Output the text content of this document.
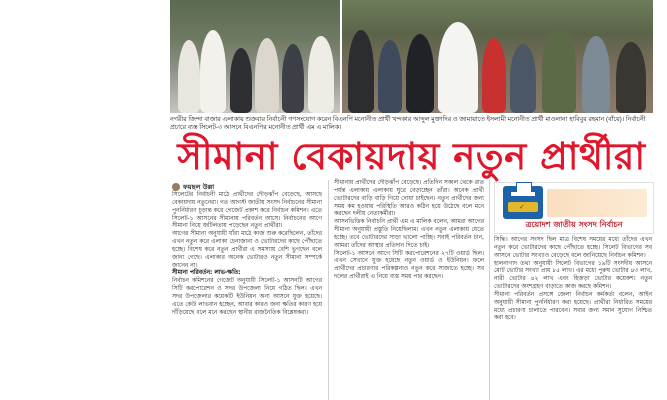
নগরীর জিন্দা বাজার এলাকায় শুক্রবার নির্বাচনী গণসংযোগ করেন বিএনপি মনোনীত প্রার্থী খন্দকার আব্দুল মুক্তাদির ও জামায়াতে ইসলামী মনোনীত প্রার্থী মাওলানা হাবিবুর রহমান (বাঁয়ে)। নির্বাচনী প্রচারে ব্যস্ত সিলেট-৩ আসনে বিএনপির মনোনীত প্রার্থী এম এ মালিক।
সীমানা বেকায়দায় নতুন প্রার্থীরা
ফয়ছল উল্লা

সিলেটের নির্বাচনী মাঠে প্রার্থীদের দৌড়ঝাঁপ বেড়েছে, আসছে বেকায়দায় নতুনেরা। গত আগস্ট জাতীয় সংসদ নির্বাচনের সীমানা পুনর্নির্ধারণ চূড়ান্ত করে গেজেট প্রকাশ করে নির্বাচন কমিশন। এতে সিলেট-১ আসনের সীমানায় পরিবর্তন আসে। নির্বাচনের আগে সীমানা নিয়ে জটিলতায় পড়েছেন নতুন প্রার্থীরা।

আগের সীমানা অনুযায়ী যাঁরা মাঠে কাজ শুরু করেছিলেন, তাঁদের এখন নতুন করে এলাকা চেনাজানা ও ভোটারদের কাছে পৌঁছাতে হচ্ছে। বিশেষ করে নতুন প্রার্থীরা এ সমস্যায় বেশি ভুগছেন বলে জানা গেছে। এলাকার অনেক ভোটারও নতুন সীমানা সম্পর্কে জানেন না।

সীমানা পরিবর্তন: লাভ-ক্ষতি:

নির্বাচন কমিশনের গেজেট অনুযায়ী সিলেট-১ আসনটি আগের সিটি করপোরেশন ও সদর উপজেলা নিয়ে গঠিত ছিল। এখন সদর উপজেলার কয়েকটি ইউনিয়ন অন্য আসনে যুক্ত হয়েছে। এতে কেউ লাভবান হচ্ছেন, আবার কারও জন্য ক্ষতির কারণ হয়ে দাঁড়িয়েছে বলে মনে করছেন স্থানীয় রাজনৈতিক বিশ্লেষকরা।

সীমানায় প্রার্থীদের দৌড়ঝাঁপ বেড়েছে। প্রতিদিন সকাল থেকে রাত পর্যন্ত এলাকায় এলাকায় ঘুরে বেড়াচ্ছেন তাঁরা। অনেক প্রার্থী ভোটারদের বাড়ি বাড়ি গিয়ে দোয়া চাইছেন। নতুন প্রার্থীদের জন্য সময় কম হওয়ায় পরিস্থিতি আরও কঠিন হয়ে উঠেছে বলে মনে করছেন দলীয় নেতাকর্মীরা।

আসনভিত্তিক নির্বাচনি প্রার্থী এম এ মালিক বলেন, আমরা আগের সীমানা অনুযায়ী প্রস্তুতি নিয়েছিলাম। এখন নতুন এলাকায় যেতে হচ্ছে। তবে ভোটারদের সাড়া ভালো পাচ্ছি। সবাই পরিবর্তন চান, আমরা তাঁদের আস্থার প্রতিদান দিতে চাই।

সিলেট-১ আসনে আগে সিটি করপোরেশনের ২৭টি ওয়ার্ড ছিল। এখন সেখানে যুক্ত হয়েছে নতুন ওয়ার্ড ও ইউনিয়ন। ফলে প্রার্থীদের প্রচারণার পরিকল্পনাও নতুন করে সাজাতে হচ্ছে। সব দলের প্রার্থীরাই এ নিয়ে ব্যস্ত সময় পার করছেন।

✓
ত্রয়োদশ জাতীয় সংসদ নির্বাচন

সিদ্ধি। আগের সংসদ ছিল মাত্র বিশেষ সময়ের মধ্যে তাঁদের এখন নতুন করে ভোটারদের কাছে পৌঁছাতে হচ্ছে। সিলেট বিভাগের সব আসনে ভোটার সংখ্যাও বেড়েছে বলে জানিয়েছে নির্বাচন কমিশন।

হালনাগাদ তথ্য অনুযায়ী সিলেট বিভাগের ১৯টি সংসদীয় আসনে মোট ভোটার সংখ্যা প্রায় ৮৫ লাখ। এর মধ্যে পুরুষ ভোটার ৪৩ লাখ, নারী ভোটার ৪২ লাখ এবং হিজড়া ভোটার কয়েকশ। নতুন ভোটারদের অংশগ্রহণ বাড়াতে কাজ করছে কমিশন।

সীমানা পরিবর্তন প্রসঙ্গে জেলা নির্বাচন কর্মকর্তা বলেন, আইন অনুযায়ী সীমানা পুনর্নির্ধারণ করা হয়েছে। প্রার্থীরা নির্ধারিত সময়ের মধ্যে প্রচারণা চালাতে পারবেন। সবার জন্য সমান সুযোগ নিশ্চিত করা হবে।
